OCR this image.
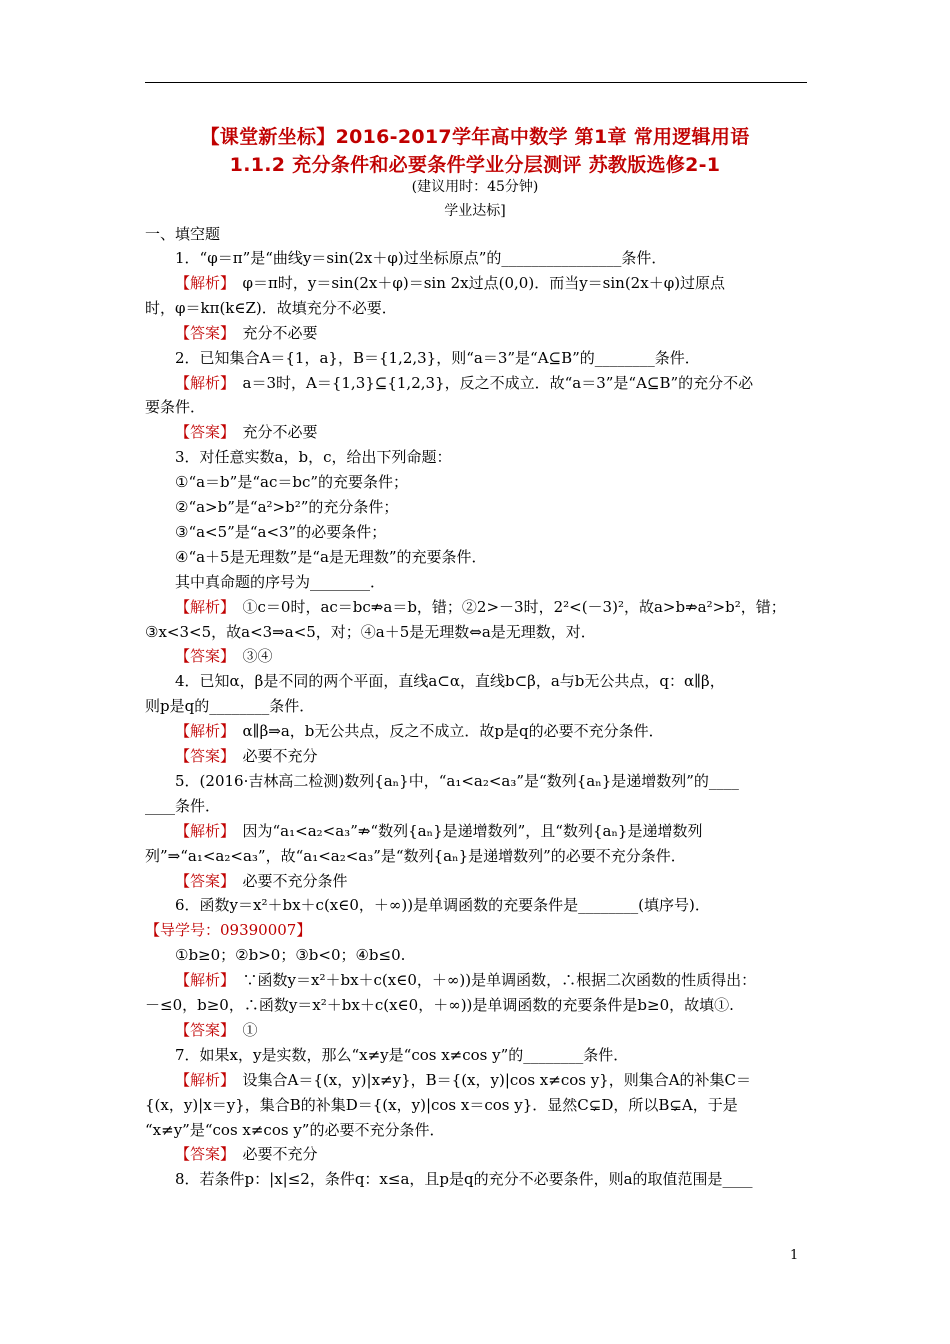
【课堂新坐标】2016-2017学年高中数学 第1章 常用逻辑用语
1.1.2 充分条件和必要条件学业分层测评 苏教版选修2-1
(建议用时：45分钟)
学业达标]
一、填空题
1．“φ＝π”是“曲线y＝sin(2x＋φ)过坐标原点”的________________条件．
【解析】　φ＝π时，y＝sin(2x＋φ)＝sin 2x过点(0,0)．而当y＝sin(2x＋φ)过原点
时，φ＝kπ(k∈Z)．故填充分不必要．
【答案】　充分不必要
2．已知集合A＝{1，a}，B＝{1,2,3}，则“a＝3”是“A⊆B”的________条件．
【解析】　a＝3时，A＝{1,3}⊆{1,2,3}，反之不成立．故“a＝3”是“A⊆B”的充分不必
要条件．
【答案】　充分不必要
3．对任意实数a，b，c，给出下列命题：
①“a＝b”是“ac＝bc”的充要条件；
②“a>b”是“a²>b²”的充分条件；
③“a<5”是“a<3”的必要条件；
④“a＋5是无理数”是“a是无理数”的充要条件．
其中真命题的序号为________．
【解析】　①c＝0时，ac＝bc⇏a＝b，错；②2>－3时，2²<(－3)²，故a>b⇏a²>b²，错；
③x<3<5，故a<3⇒a<5，对；④a＋5是无理数⇔a是无理数，对．
【答案】　③④
4．已知α，β是不同的两个平面，直线a⊂α，直线b⊂β，a与b无公共点，q：α∥β，
则p是q的________条件．
【解析】　α∥β⇒a，b无公共点，反之不成立．故p是q的必要不充分条件．
【答案】　必要不充分
5．(2016·吉林高二检测)数列{aₙ}中，“a₁<a₂<a₃”是“数列{aₙ}是递增数列”的____
____条件．
【解析】　因为“a₁<a₂<a₃”⇏“数列{aₙ}是递增数列”，且“数列{aₙ}是递增数列
列”⇒“a₁<a₂<a₃”，故“a₁<a₂<a₃”是“数列{aₙ}是递增数列”的必要不充分条件．
【答案】　必要不充分条件
6．函数y＝x²＋bx＋c(x∈0，＋∞))是单调函数的充要条件是________(填序号)．
【导学号：09390007】
①b≥0；②b>0；③b<0；④b≤0.
【解析】　∵函数y＝x²＋bx＋c(x∈0，＋∞))是单调函数，∴根据二次函数的性质得出：
－≤0，b≥0，∴函数y＝x²＋bx＋c(x∈0，＋∞))是单调函数的充要条件是b≥0，故填①.
【答案】　①
7．如果x，y是实数，那么“x≠y是“cos x≠cos y”的________条件．
【解析】　设集合A＝{(x，y)|x≠y}，B＝{(x，y)|cos x≠cos y}，则集合A的补集C＝
{(x，y)|x＝y}，集合B的补集D＝{(x，y)|cos x＝cos y}．显然C⊊D，所以B⊊A，于是
“x≠y”是“cos x≠cos y”的必要不充分条件．
【答案】　必要不充分
8．若条件p：|x|≤2，条件q：x≤a，且p是q的充分不必要条件，则a的取值范围是____
1
